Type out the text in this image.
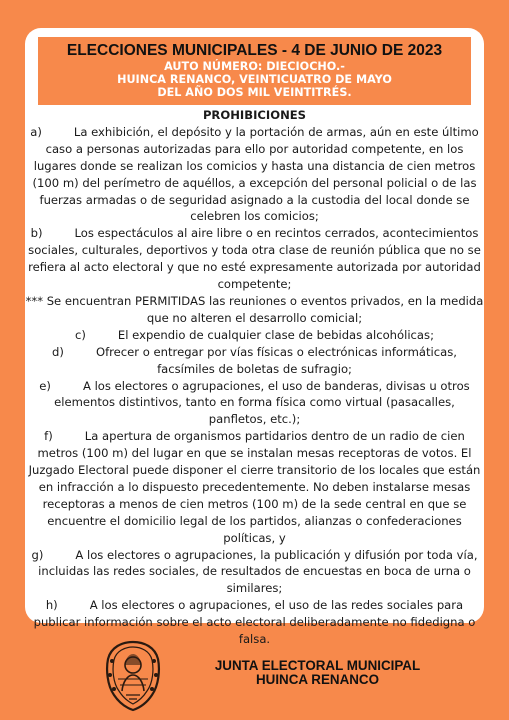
ELECCIONES MUNICIPALES - 4 DE JUNIO DE 2023
AUTO NÚMERO: DIECIOCHO.-
HUINCA RENANCO, VEINTICUATRO DE MAYO
DEL AÑO DOS MIL VEINTITRÉS.
PROHIBICIONES
a)	La exhibición, el depósito y la portación de armas, aún en este último caso a personas autorizadas para ello por autoridad competente, en los lugares donde se realizan los comicios y hasta una distancia de cien metros (100 m) del perímetro de aquéllos, a excepción del personal policial o de las fuerzas armadas o de seguridad asignado a la custodia del local donde se celebren los comicios;
b)	Los espectáculos al aire libre o en recintos cerrados, acontecimientos sociales, culturales, deportivos y toda otra clase de reunión pública que no se refiera al acto electoral y que no esté expresamente autorizada por autoridad competente;
*** Se encuentran PERMITIDAS las reuniones o eventos privados, en la medida que no alteren el desarrollo comicial;
c)	El expendio de cualquier clase de bebidas alcohólicas;
d)	Ofrecer o entregar por vías físicas o electrónicas informáticas, facsímiles de boletas de sufragio;
e)	A los electores o agrupaciones, el uso de banderas, divisas u otros elementos distintivos, tanto en forma física como virtual (pasacalles, panfletos, etc.);
f)	La apertura de organismos partidarios dentro de un radio de cien metros (100 m) del lugar en que se instalan mesas receptoras de votos. El Juzgado Electoral puede disponer el cierre transitorio de los locales que están en infracción a lo dispuesto precedentemente. No deben instalarse mesas receptoras a menos de cien metros (100 m) de la sede central en que se encuentre el domicilio legal de los partidos, alianzas o confederaciones políticas, y
g)	A los electores o agrupaciones, la publicación y difusión por toda vía, incluidas las redes sociales, de resultados de encuestas en boca de urna o similares;
h)	A los electores o agrupaciones, el uso de las redes sociales para publicar información sobre el acto electoral deliberadamente no fidedigna o falsa.
JUNTA ELECTORAL MUNICIPAL
HUINCA RENANCO
